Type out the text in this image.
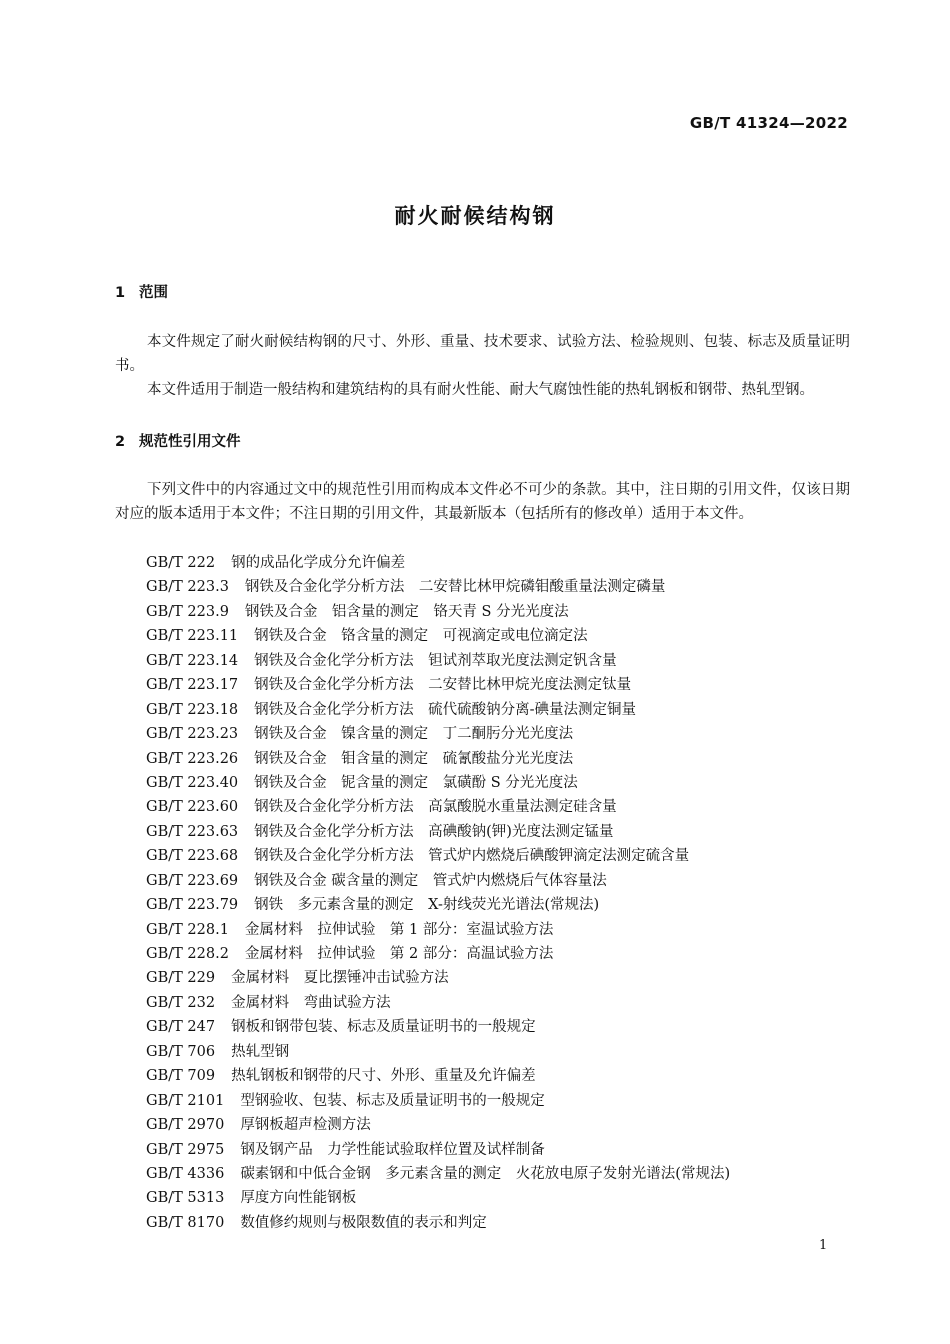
GB/T 41324—2022
耐火耐候结构钢
1 范围
本文件规定了耐火耐候结构钢的尺寸、外形、重量、技术要求、试验方法、检验规则、包装、标志及质量证明书。
本文件适用于制造一般结构和建筑结构的具有耐火性能、耐大气腐蚀性能的热轧钢板和钢带、热轧型钢。
2 规范性引用文件
下列文件中的内容通过文中的规范性引用而构成本文件必不可少的条款。其中，注日期的引用文件，仅该日期对应的版本适用于本文件；不注日期的引用文件，其最新版本（包括所有的修改单）适用于本文件。
GB/T 222 钢的成品化学成分允许偏差
GB/T 223.3 钢铁及合金化学分析方法　二安替比林甲烷磷钼酸重量法测定磷量
GB/T 223.9 钢铁及合金　铝含量的测定　铬天青 S 分光光度法
GB/T 223.11 钢铁及合金　铬含量的测定　可视滴定或电位滴定法
GB/T 223.14 钢铁及合金化学分析方法　钽试剂萃取光度法测定钒含量
GB/T 223.17 钢铁及合金化学分析方法　二安替比林甲烷光度法测定钛量
GB/T 223.18 钢铁及合金化学分析方法　硫代硫酸钠分离-碘量法测定铜量
GB/T 223.23 钢铁及合金　镍含量的测定　丁二酮肟分光光度法
GB/T 223.26 钢铁及合金　钼含量的测定　硫氰酸盐分光光度法
GB/T 223.40 钢铁及合金　铌含量的测定　氯磺酚 S 分光光度法
GB/T 223.60 钢铁及合金化学分析方法　高氯酸脱水重量法测定硅含量
GB/T 223.63 钢铁及合金化学分析方法　高碘酸钠(钾)光度法测定锰量
GB/T 223.68 钢铁及合金化学分析方法　管式炉内燃烧后碘酸钾滴定法测定硫含量
GB/T 223.69 钢铁及合金 碳含量的测定　管式炉内燃烧后气体容量法
GB/T 223.79 钢铁　多元素含量的测定　X-射线荧光光谱法(常规法)
GB/T 228.1 金属材料　拉伸试验　第 1 部分：室温试验方法
GB/T 228.2 金属材料　拉伸试验　第 2 部分：高温试验方法
GB/T 229 金属材料　夏比摆锤冲击试验方法
GB/T 232 金属材料　弯曲试验方法
GB/T 247 钢板和钢带包装、标志及质量证明书的一般规定
GB/T 706 热轧型钢
GB/T 709 热轧钢板和钢带的尺寸、外形、重量及允许偏差
GB/T 2101 型钢验收、包装、标志及质量证明书的一般规定
GB/T 2970 厚钢板超声检测方法
GB/T 2975 钢及钢产品　力学性能试验取样位置及试样制备
GB/T 4336 碳素钢和中低合金钢　多元素含量的测定　火花放电原子发射光谱法(常规法)
GB/T 5313 厚度方向性能钢板
GB/T 8170 数值修约规则与极限数值的表示和判定
1
